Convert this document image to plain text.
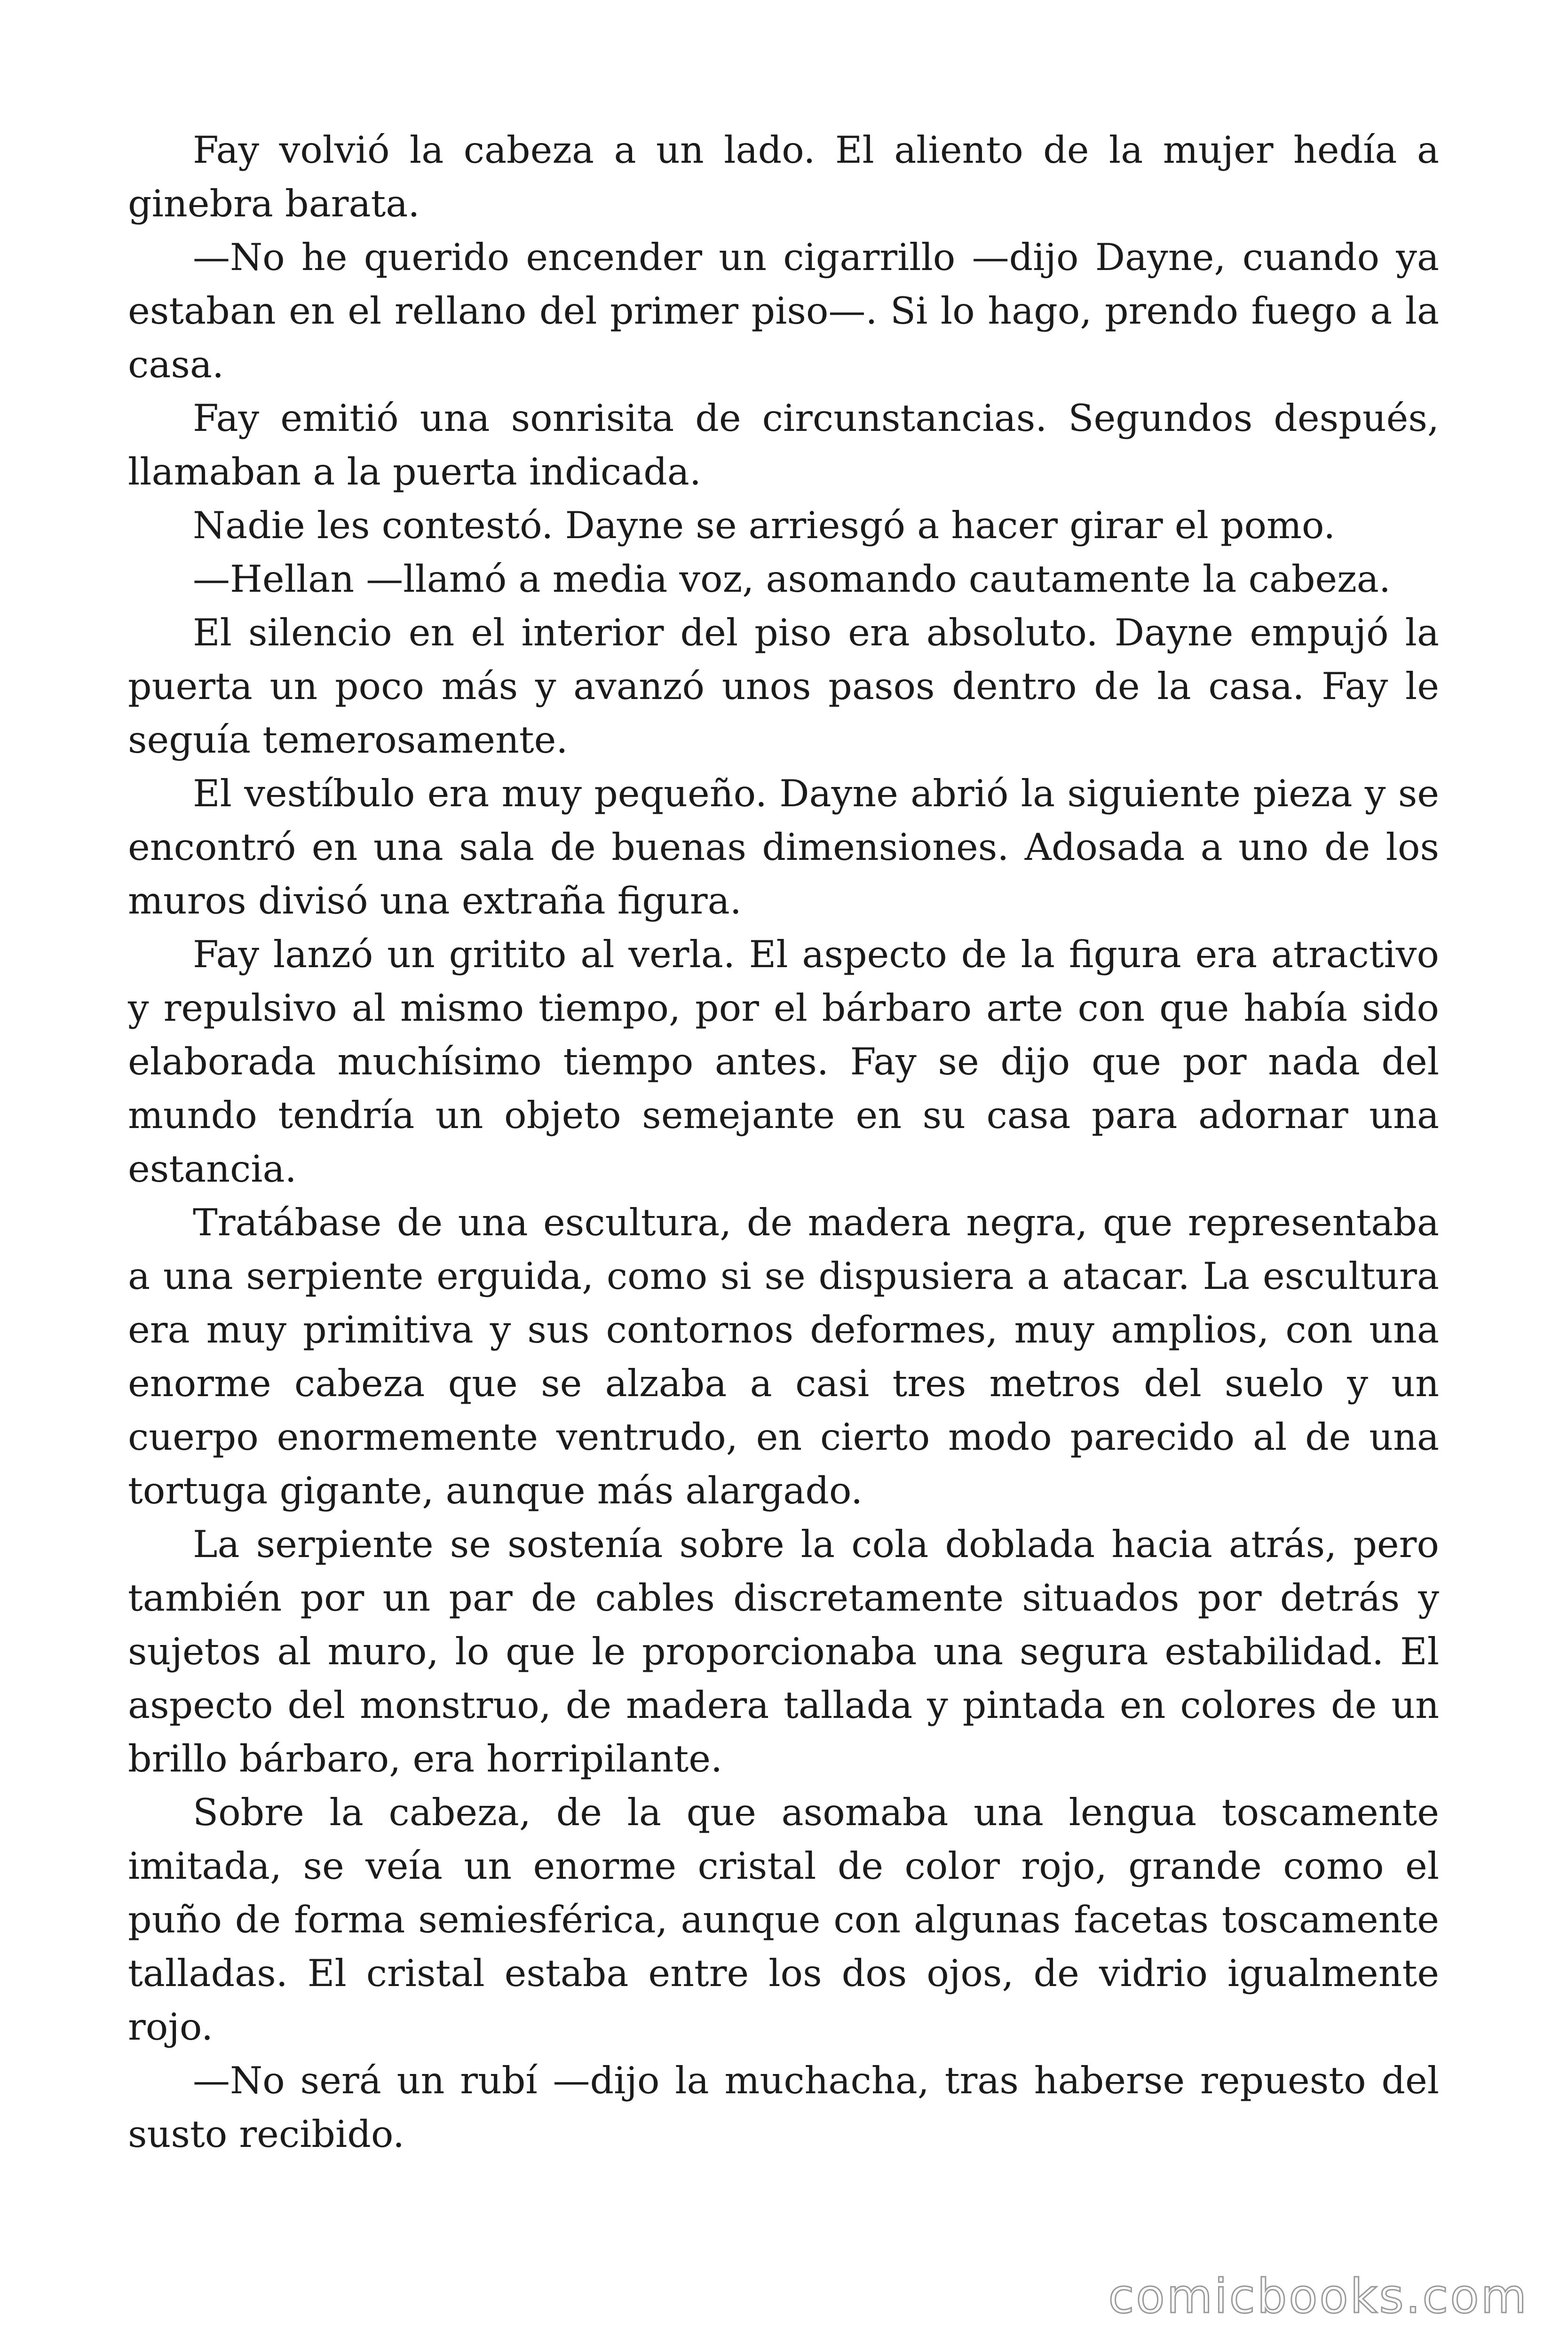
Fay volvió la cabeza a un lado. El aliento de la mujer hedía a ginebra barata.

—No he querido encender un cigarrillo —dijo Dayne, cuando ya estaban en el rellano del primer piso—. Si lo hago, prendo fuego a la casa.

Fay emitió una sonrisita de circunstancias. Segundos después, llamaban a la puerta indicada.

Nadie les contestó. Dayne se arriesgó a hacer girar el pomo.

—Hellan —llamó a media voz, asomando cautamente la cabeza.

El silencio en el interior del piso era absoluto. Dayne empujó la puerta un poco más y avanzó unos pasos dentro de la casa. Fay le seguía temerosamente.

El vestíbulo era muy pequeño. Dayne abrió la siguiente pieza y se encontró en una sala de buenas dimensiones. Adosada a uno de los muros divisó una extraña figura.

Fay lanzó un gritito al verla. El aspecto de la figura era atractivo y repulsivo al mismo tiempo, por el bárbaro arte con que había sido elaborada muchísimo tiempo antes. Fay se dijo que por nada del mundo tendría un objeto semejante en su casa para adornar una estancia.

Tratábase de una escultura, de madera negra, que representaba a una serpiente erguida, como si se dispusiera a atacar. La escultura era muy primitiva y sus contornos deformes, muy amplios, con una enorme cabeza que se alzaba a casi tres metros del suelo y un cuerpo enormemente ventrudo, en cierto modo parecido al de una tortuga gigante, aunque más alargado.

La serpiente se sostenía sobre la cola doblada hacia atrás, pero también por un par de cables discretamente situados por detrás y sujetos al muro, lo que le proporcionaba una segura estabilidad. El aspecto del monstruo, de madera tallada y pintada en colores de un brillo bárbaro, era horripilante.

Sobre la cabeza, de la que asomaba una lengua toscamente imitada, se veía un enorme cristal de color rojo, grande como el puño de forma semiesférica, aunque con algunas facetas toscamente talladas. El cristal estaba entre los dos ojos, de vidrio igualmente rojo.

—No será un rubí —dijo la muchacha, tras haberse repuesto del susto recibido.

comicbooks.com
